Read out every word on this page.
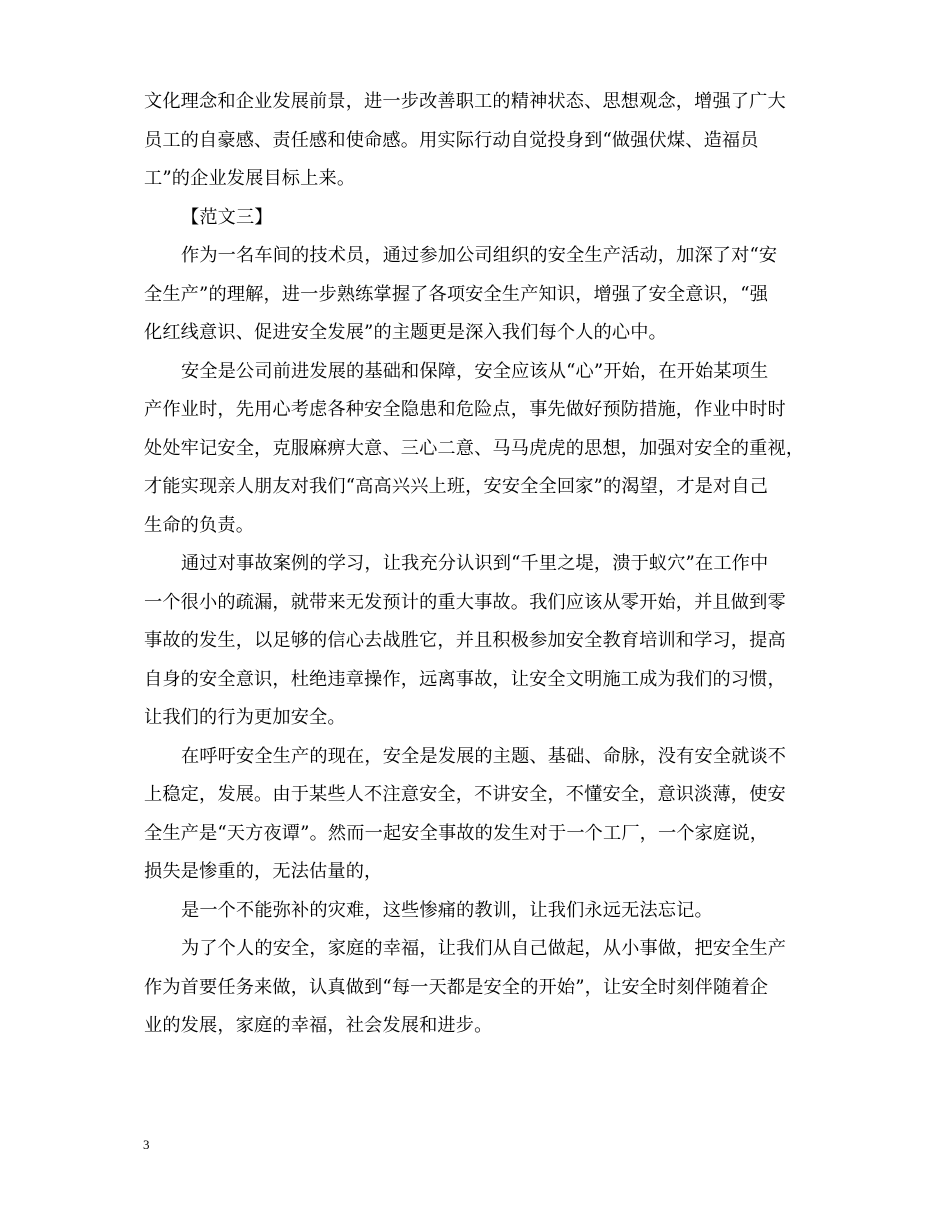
文化理念和企业发展前景，进一步改善职工的精神状态、思想观念，增强了广大
员工的自豪感、责任感和使命感。用实际行动自觉投身到“做强伏煤、造福员
工”的企业发展目标上来。
【范文三】
作为一名车间的技术员，通过参加公司组织的安全生产活动，加深了对“安
全生产”的理解，进一步熟练掌握了各项安全生产知识，增强了安全意识，“强
化红线意识、促进安全发展”的主题更是深入我们每个人的心中。
安全是公司前进发展的基础和保障，安全应该从“心”开始，在开始某项生
产作业时，先用心考虑各种安全隐患和危险点，事先做好预防措施，作业中时时
处处牢记安全，克服麻痹大意、三心二意、马马虎虎的思想，加强对安全的重视，
才能实现亲人朋友对我们“高高兴兴上班，安安全全回家”的渴望，才是对自己
生命的负责。
通过对事故案例的学习，让我充分认识到“千里之堤，溃于蚁穴”在工作中
一个很小的疏漏，就带来无发预计的重大事故。我们应该从零开始，并且做到零
事故的发生，以足够的信心去战胜它，并且积极参加安全教育培训和学习，提高
自身的安全意识，杜绝违章操作，远离事故，让安全文明施工成为我们的习惯，
让我们的行为更加安全。
在呼吁安全生产的现在，安全是发展的主题、基础、命脉，没有安全就谈不
上稳定，发展。由于某些人不注意安全，不讲安全，不懂安全，意识淡薄，使安
全生产是“天方夜谭”。然而一起安全事故的发生对于一个工厂，一个家庭说，
损失是惨重的，无法估量的，
是一个不能弥补的灾难，这些惨痛的教训，让我们永远无法忘记。
为了个人的安全，家庭的幸福，让我们从自己做起，从小事做，把安全生产
作为首要任务来做，认真做到“每一天都是安全的开始”，让安全时刻伴随着企
业的发展，家庭的幸福，社会发展和进步。
3
